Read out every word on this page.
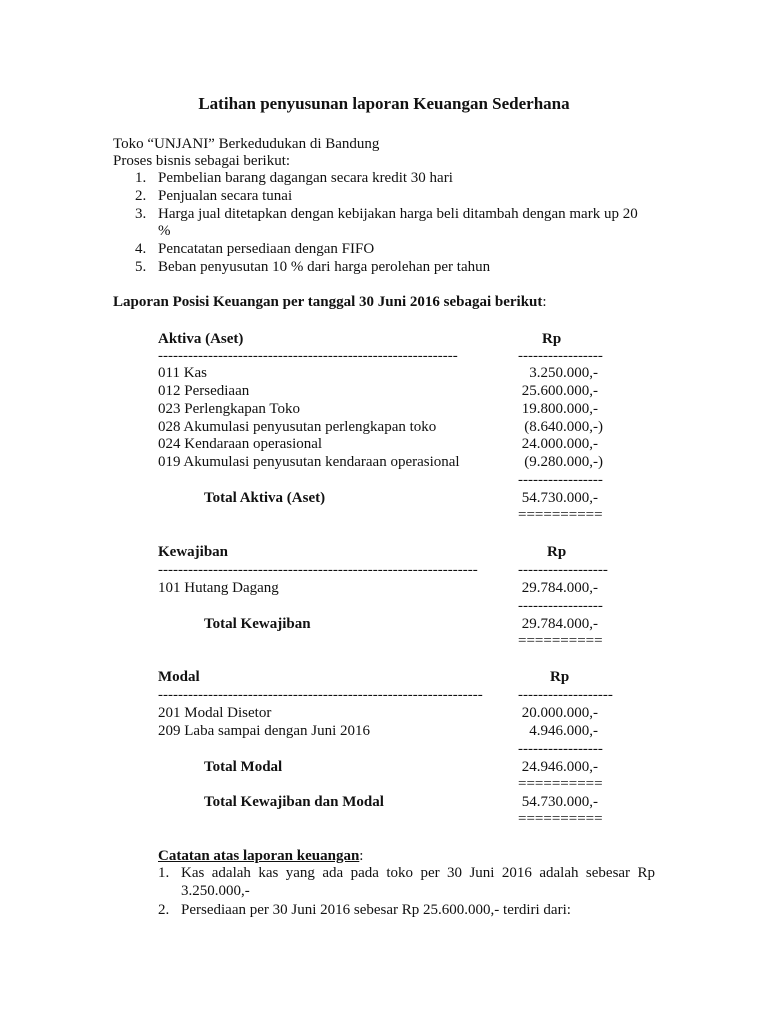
Latihan penyusunan laporan Keuangan Sederhana
Toko “UNJANI” Berkedudukan di Bandung
Proses bisnis sebagai berikut:
1. Pembelian barang dagangan secara kredit 30 hari
2. Penjualan secara tunai
3. Harga jual ditetapkan dengan kebijakan harga beli ditambah dengan mark up 20
%
4. Pencatatan persediaan dengan FIFO
5. Beban penyusutan 10 % dari harga perolehan per tahun
Laporan Posisi Keuangan per tanggal 30 Juni 2016 sebagai berikut:
Aktiva (Aset)	Rp
------------------------------------------------------------	-----------------
011 Kas	3.250.000,-
012 Persediaan	25.600.000,-
023 Perlengkapan Toko	19.800.000,-
028 Akumulasi penyusutan perlengkapan toko	(8.640.000,-)
024 Kendaraan operasional	24.000.000,-
019 Akumulasi penyusutan kendaraan operasional	(9.280.000,-)
-----------------
Total Aktiva (Aset)	54.730.000,-
==========
Kewajiban	Rp
----------------------------------------------------------------	------------------
101 Hutang Dagang	29.784.000,-
-----------------
Total Kewajiban	29.784.000,-
==========
Modal	Rp
----------------------------------------------------------------- -------------------
201 Modal Disetor	20.000.000,-
209 Laba sampai dengan Juni 2016	4.946.000,-
-----------------
Total Modal	24.946.000,-
==========
Total Kewajiban dan Modal	54.730.000,-
==========
Catatan atas laporan keuangan:
1. Kas adalah kas yang ada pada toko per 30 Juni 2016 adalah sebesar Rp
3.250.000,-
2. Persediaan per 30 Juni 2016 sebesar Rp 25.600.000,- terdiri dari:
